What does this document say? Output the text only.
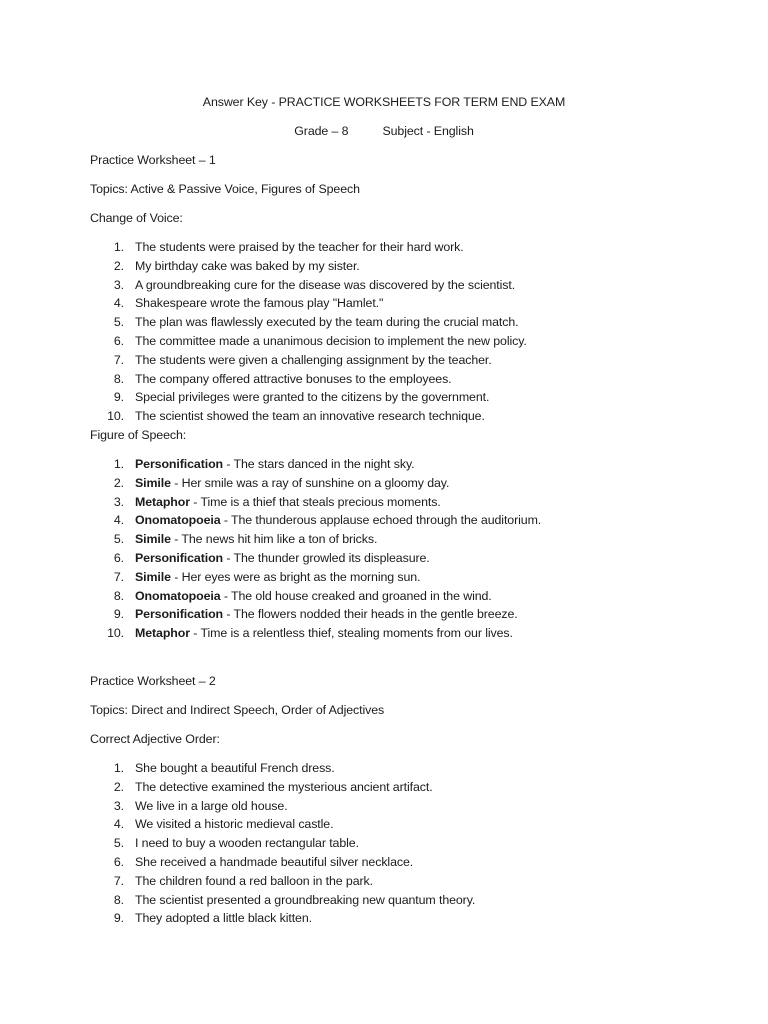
Answer Key - PRACTICE WORKSHEETS FOR TERM END EXAM
Grade – 8	Subject - English
Practice Worksheet – 1
Topics: Active & Passive Voice, Figures of Speech
Change of Voice:
1. The students were praised by the teacher for their hard work.
2. My birthday cake was baked by my sister.
3. A groundbreaking cure for the disease was discovered by the scientist.
4. Shakespeare wrote the famous play "Hamlet."
5. The plan was flawlessly executed by the team during the crucial match.
6. The committee made a unanimous decision to implement the new policy.
7. The students were given a challenging assignment by the teacher.
8. The company offered attractive bonuses to the employees.
9. Special privileges were granted to the citizens by the government.
10. The scientist showed the team an innovative research technique.
Figure of Speech:
1. Personification - The stars danced in the night sky.
2. Simile - Her smile was a ray of sunshine on a gloomy day.
3. Metaphor - Time is a thief that steals precious moments.
4. Onomatopoeia - The thunderous applause echoed through the auditorium.
5. Simile - The news hit him like a ton of bricks.
6. Personification - The thunder growled its displeasure.
7. Simile - Her eyes were as bright as the morning sun.
8. Onomatopoeia - The old house creaked and groaned in the wind.
9. Personification - The flowers nodded their heads in the gentle breeze.
10. Metaphor - Time is a relentless thief, stealing moments from our lives.
Practice Worksheet – 2
Topics: Direct and Indirect Speech, Order of Adjectives
Correct Adjective Order:
1. She bought a beautiful French dress.
2. The detective examined the mysterious ancient artifact.
3. We live in a large old house.
4. We visited a historic medieval castle.
5. I need to buy a wooden rectangular table.
6. She received a handmade beautiful silver necklace.
7. The children found a red balloon in the park.
8. The scientist presented a groundbreaking new quantum theory.
9. They adopted a little black kitten.
